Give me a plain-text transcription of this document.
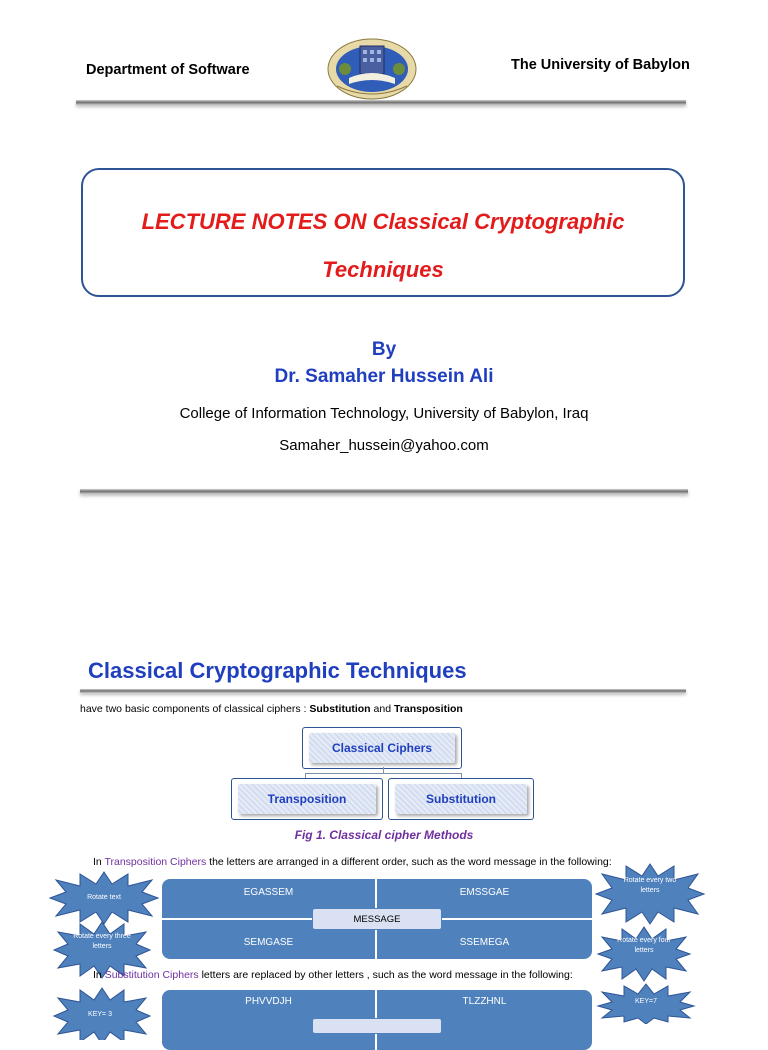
Department of Software	The University of Babylon
LECTURE NOTES ON Classical Cryptographic
Techniques
By
Dr. Samaher Hussein Ali
College of Information Technology, University of Babylon, Iraq
Samaher_hussein@yahoo.com
Classical Cryptographic Techniques
have two basic components of classical ciphers : Substitution and Transposition
Classical Ciphers
Transposition	Substitution
Fig 1. Classical cipher Methods
In Transposition Ciphers the letters are arranged in a different order, such as the word message in the following:
EGASSEM	EMSSGAE
SEMGASE	SSEMEGA
MESSAGE
Rotate text
Rotate every three letters
Rotate every two letters
Rotate every four letters
In Substitution Ciphers letters are replaced by other letters , such as the word message in the following:
PHVVDJH	TLZZHNL
KEY= 3
KEY=7
